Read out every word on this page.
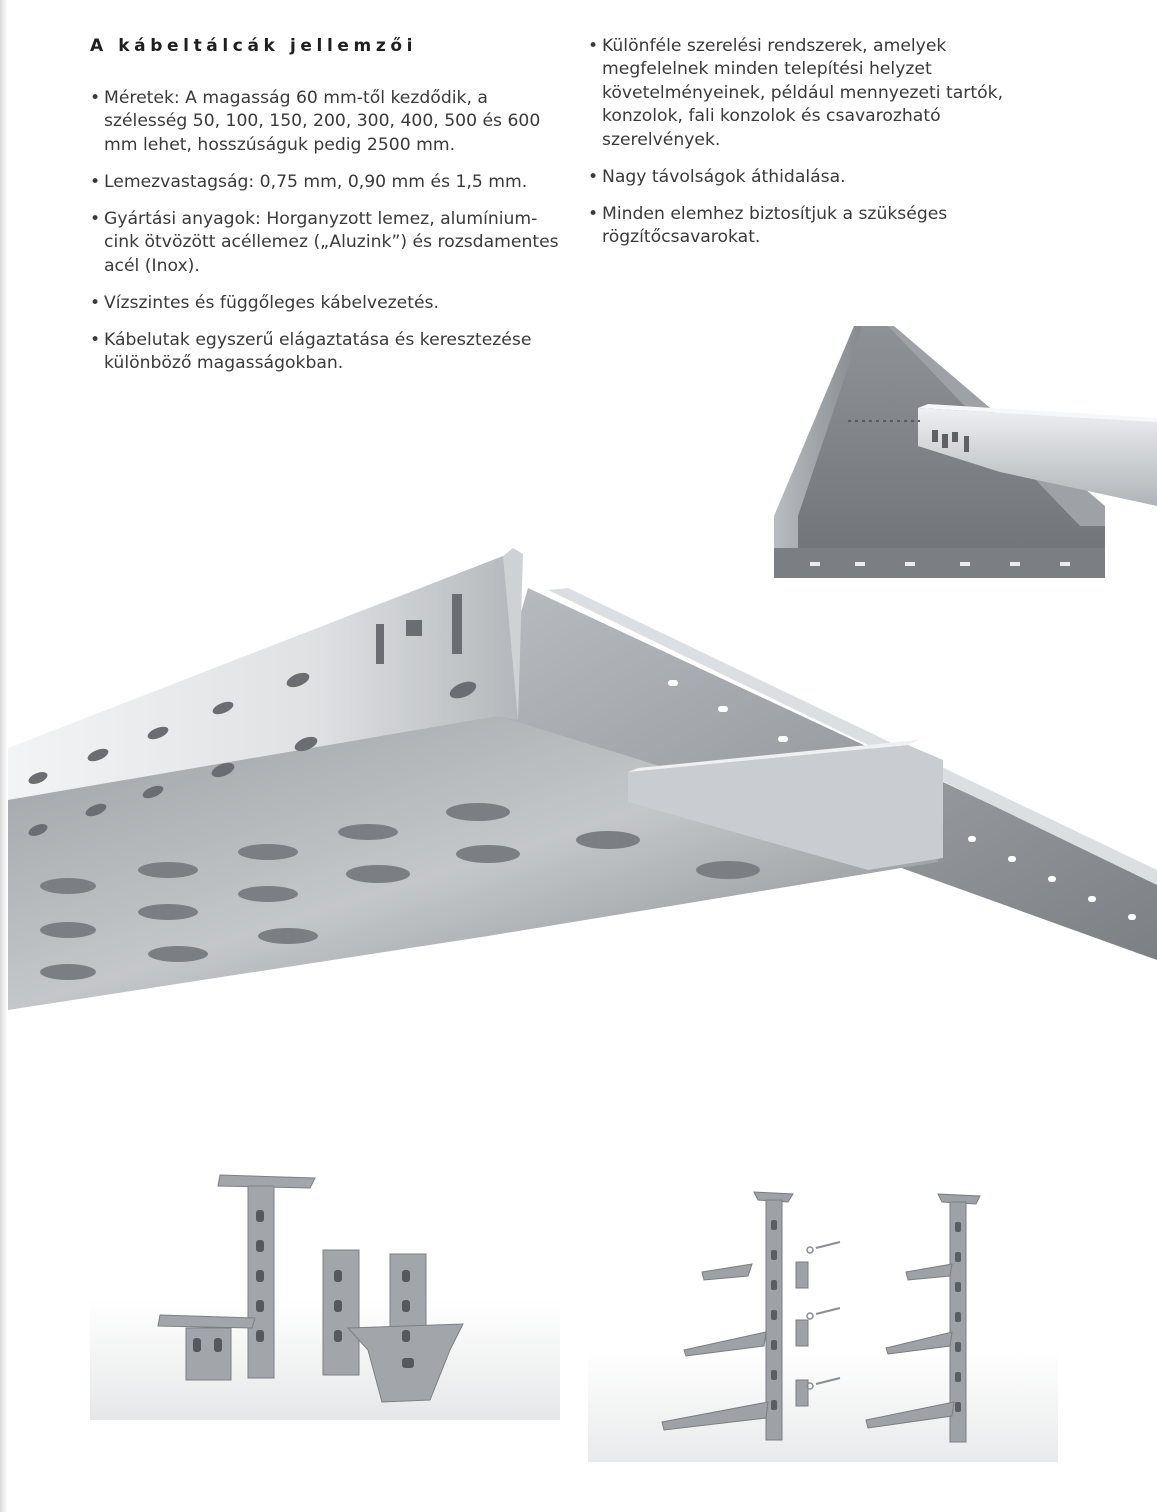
A kábeltálcák jellemzői
• Méretek: A magasság 60 mm-től kezdődik, a szélesség 50, 100, 150, 200, 300, 400, 500 és 600 mm lehet, hosszúságuk pedig 2500 mm.
• Lemezvastagság: 0,75 mm, 0,90 mm és 1,5 mm.
• Gyártási anyagok: Horganyzott lemez, alumínium-cink ötvözött acéllemez („Aluzink”) és rozsdamentes acél (Inox).
• Vízszintes és függőleges kábelvezetés.
• Kábelutak egyszerű elágaztatása és keresztezése különböző magasságokban.
• Különféle szerelési rendszerek, amelyek megfelelnek minden telepítési helyzet követelményeinek, például mennyezeti tartók, konzolok, fali konzolok és csavarozható szerelvények.
• Nagy távolságok áthidalása.
• Minden elemhez biztosítjuk a szükséges rögzítőcsavarokat.
